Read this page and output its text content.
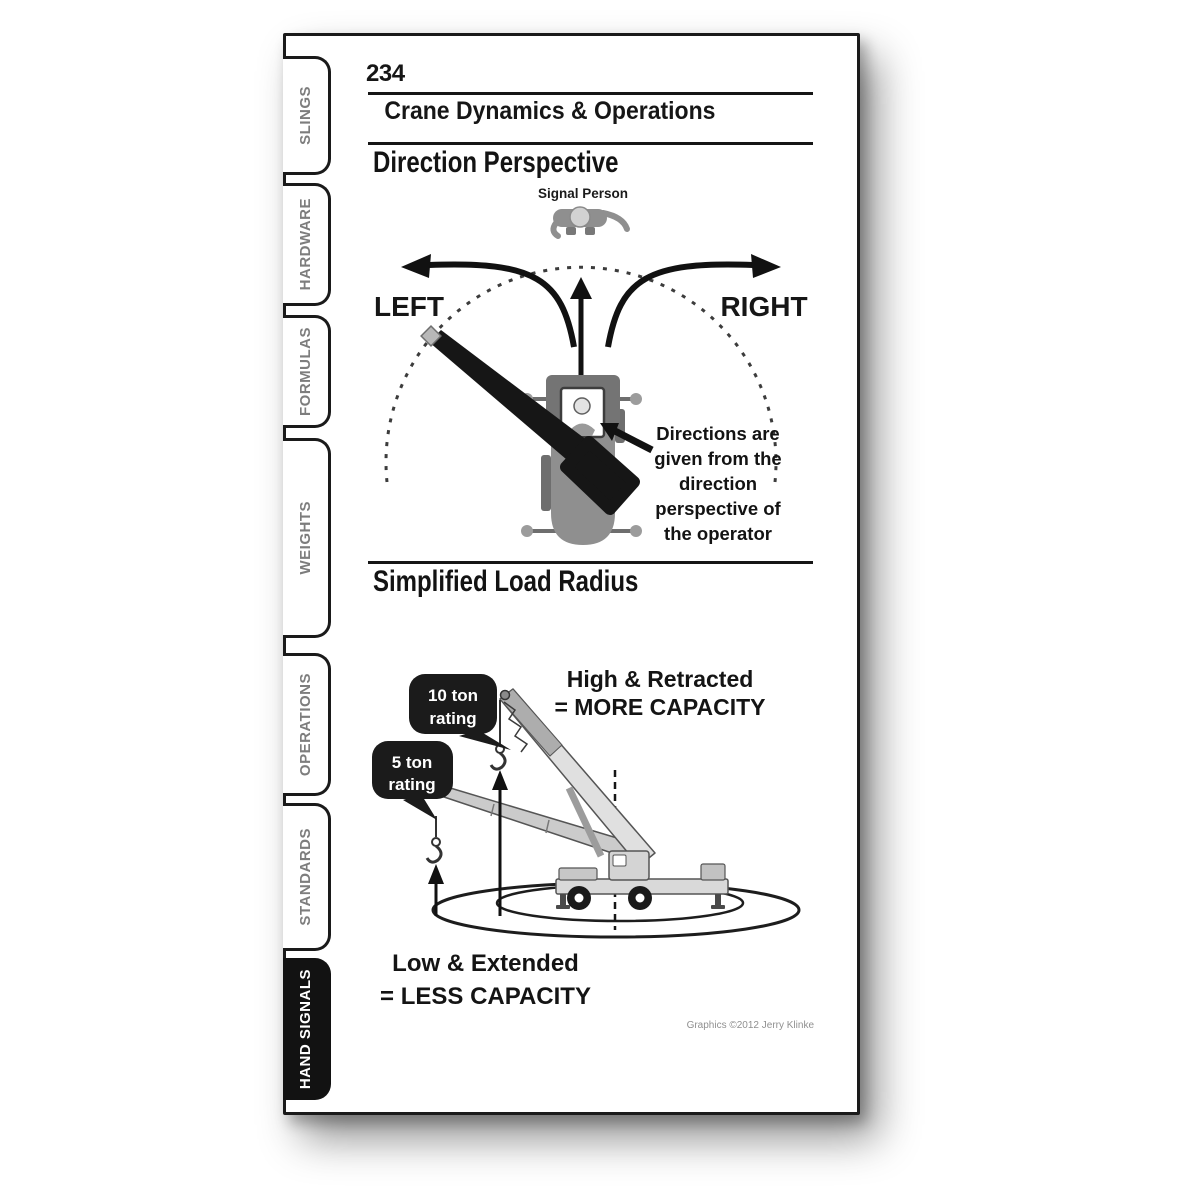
SLINGS
HARDWARE
FORMULAS
WEIGHTS
OPERATIONS
STANDARDS
HAND SIGNALS
234
Crane Dynamics & Operations
Direction Perspective
Signal Person
LEFT	RIGHT
Directions are
given from the
direction
perspective of
the operator
Simplified Load Radius
High & Retracted
= MORE CAPACITY
10 ton
rating
5 ton
rating
Low & Extended
= LESS CAPACITY
Graphics ©2012 Jerry Klinke
